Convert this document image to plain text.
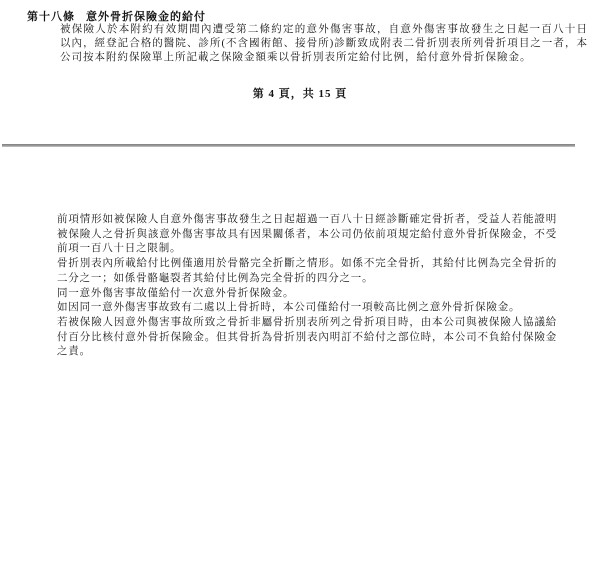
第十八條 意外骨折保險金的給付

被保險人於本附約有效期間內遭受第二條約定的意外傷害事故，自意外傷害事故發生之日起一百八十日以內，經登記合格的醫院、診所(不含國術館、接骨所)診斷致成附表二骨折別表所列骨折項目之一者，本公司按本附約保險單上所記載之保險金額乘以骨折別表所定給付比例，給付意外骨折保險金。

第 4 頁，共 15 頁

前項情形如被保險人自意外傷害事故發生之日起超過一百八十日經診斷確定骨折者，受益人若能證明被保險人之骨折與該意外傷害事故具有因果關係者，本公司仍依前項規定給付意外骨折保險金，不受前項一百八十日之限制。

骨折別表內所載給付比例僅適用於骨骼完全折斷之情形。如係不完全骨折，其給付比例為完全骨折的二分之一；如係骨骼龜裂者其給付比例為完全骨折的四分之一。

同一意外傷害事故僅給付一次意外骨折保險金。

如因同一意外傷害事故致有二處以上骨折時，本公司僅給付一項較高比例之意外骨折保險金。

若被保險人因意外傷害事故所致之骨折非屬骨折別表所列之骨折項目時，由本公司與被保險人協議給付百分比核付意外骨折保險金。但其骨折為骨折別表內明訂不給付之部位時，本公司不負給付保險金之責。
